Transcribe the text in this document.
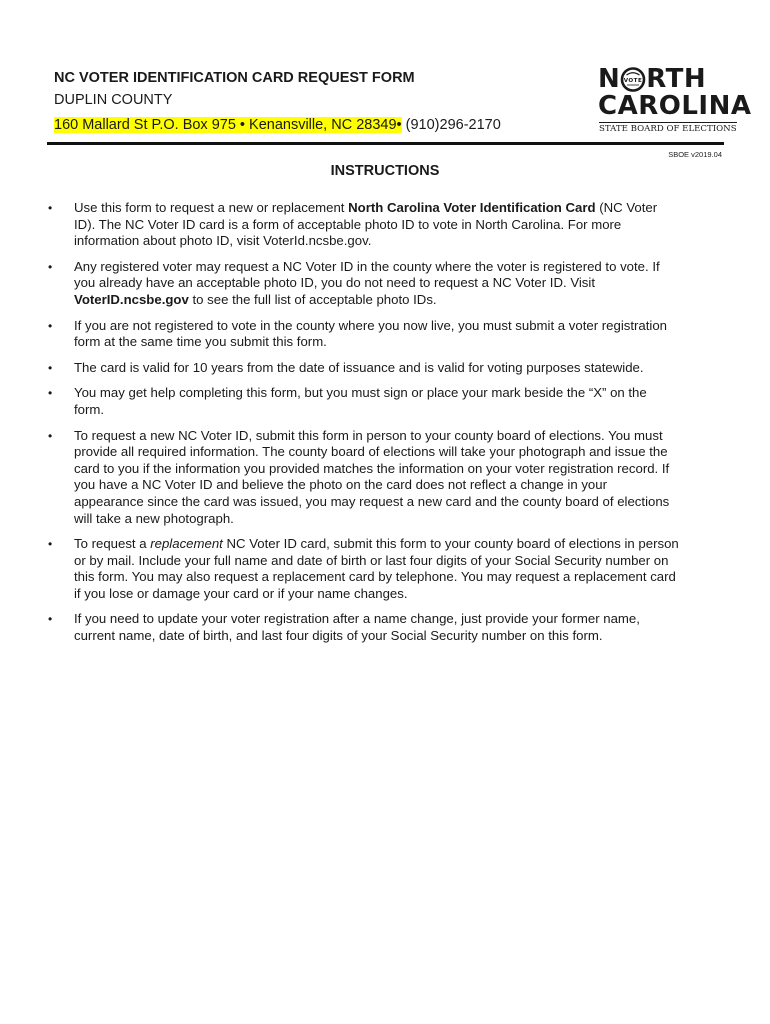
NC VOTER IDENTIFICATION CARD REQUEST FORM
DUPLIN COUNTY
160 Mallard St P.O. Box 975 • Kenansville, NC 28349• (910)296-2170
N VOTE RTH
CAROLINA
STATE BOARD OF ELECTIONS
SBOE v2019.04
INSTRUCTIONS
• Use this form to request a new or replacement North Carolina Voter Identification Card (NC Voter ID). The NC Voter ID card is a form of acceptable photo ID to vote in North Carolina. For more information about photo ID, visit VoterId.ncsbe.gov.
• Any registered voter may request a NC Voter ID in the county where the voter is registered to vote. If you already have an acceptable photo ID, you do not need to request a NC Voter ID. Visit VoterID.ncsbe.gov to see the full list of acceptable photo IDs.
• If you are not registered to vote in the county where you now live, you must submit a voter registration form at the same time you submit this form.
• The card is valid for 10 years from the date of issuance and is valid for voting purposes statewide.
• You may get help completing this form, but you must sign or place your mark beside the “X” on the form.
• To request a new NC Voter ID, submit this form in person to your county board of elections. You must provide all required information. The county board of elections will take your photograph and issue the card to you if the information you provided matches the information on your voter registration record. If you have a NC Voter ID and believe the photo on the card does not reflect a change in your appearance since the card was issued, you may request a new card and the county board of elections will take a new photograph.
• To request a replacement NC Voter ID card, submit this form to your county board of elections in person or by mail. Include your full name and date of birth or last four digits of your Social Security number on this form. You may also request a replacement card by telephone. You may request a replacement card if you lose or damage your card or if your name changes.
• If you need to update your voter registration after a name change, just provide your former name, current name, date of birth, and last four digits of your Social Security number on this form.
